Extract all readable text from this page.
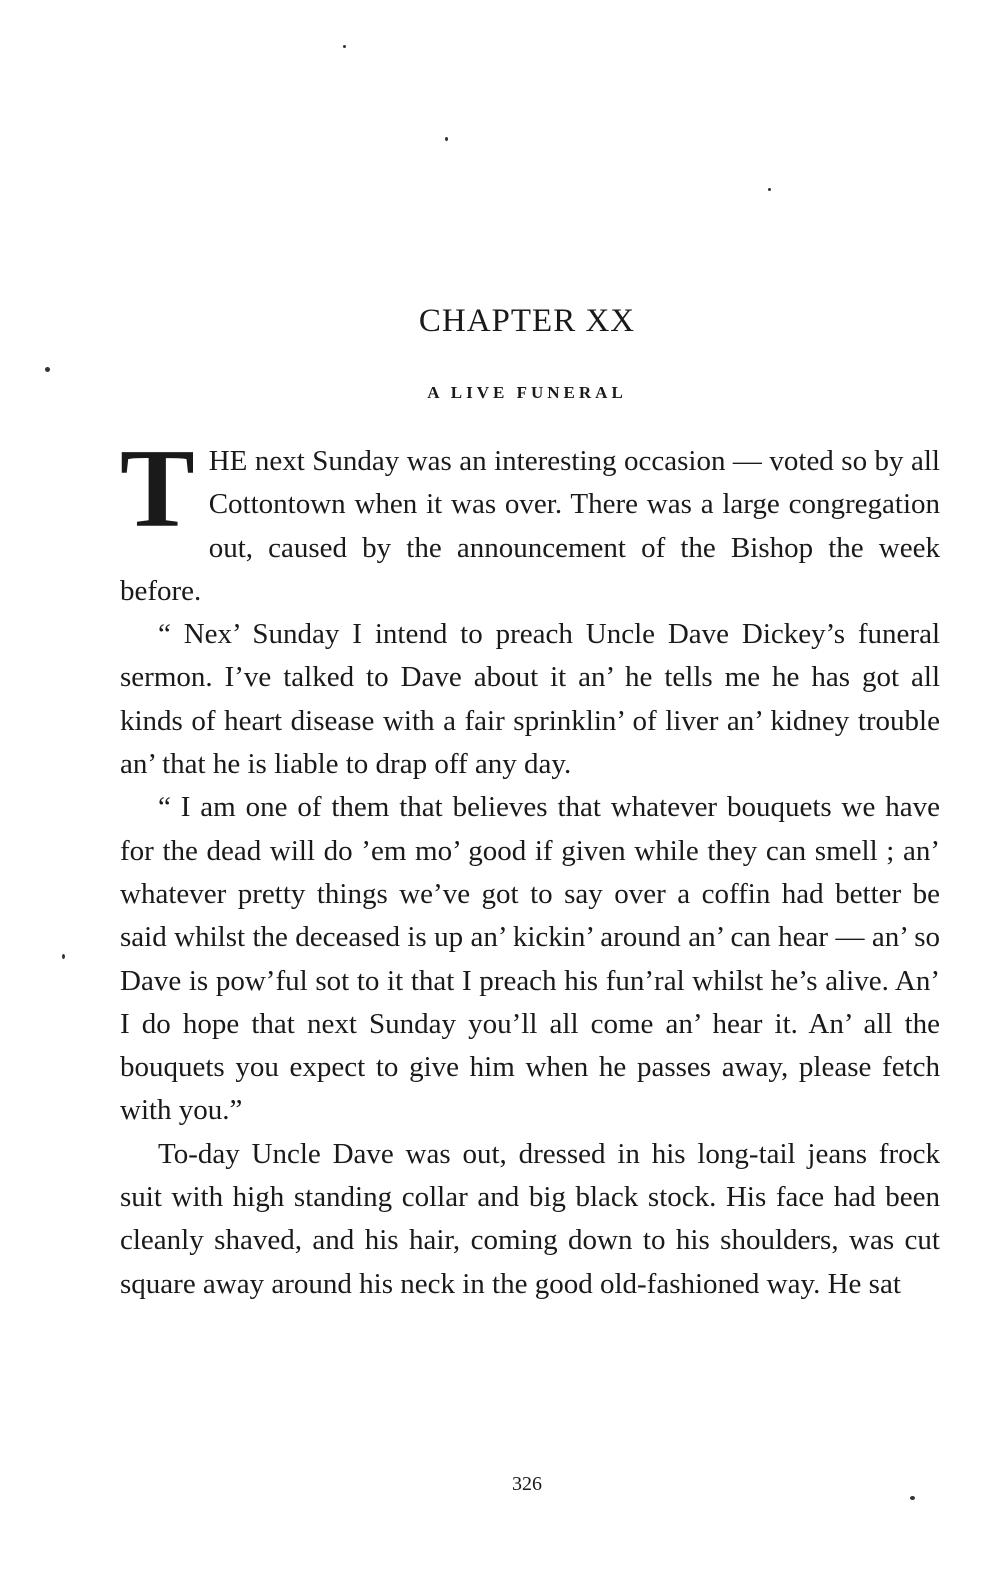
CHAPTER XX
A LIVE FUNERAL

THE next Sunday was an interesting occasion — voted so by all Cottontown when it was over. There was a large congregation out, caused by the announcement of the Bishop the week before.

“ Nex’ Sunday I intend to preach Uncle Dave Dickey’s funeral sermon. I’ve talked to Dave about it an’ he tells me he has got all kinds of heart disease with a fair sprinklin’ of liver an’ kidney trouble an’ that he is liable to drap off any day.

“ I am one of them that believes that whatever bouquets we have for the dead will do ’em mo’ good if given while they can smell ; an’ whatever pretty things we’ve got to say over a coffin had better be said whilst the deceased is up an’ kickin’ around an’ can hear — an’ so Dave is pow’ful sot to it that I preach his fun’ral whilst he’s alive. An’ I do hope that next Sunday you’ll all come an’ hear it. An’ all the bouquets you expect to give him when he passes away, please fetch with you.”

To-day Uncle Dave was out, dressed in his long-tail jeans frock suit with high standing collar and big black stock. His face had been cleanly shaved, and his hair, coming down to his shoulders, was cut square away around his neck in the good old-fashioned way. He sat

326
